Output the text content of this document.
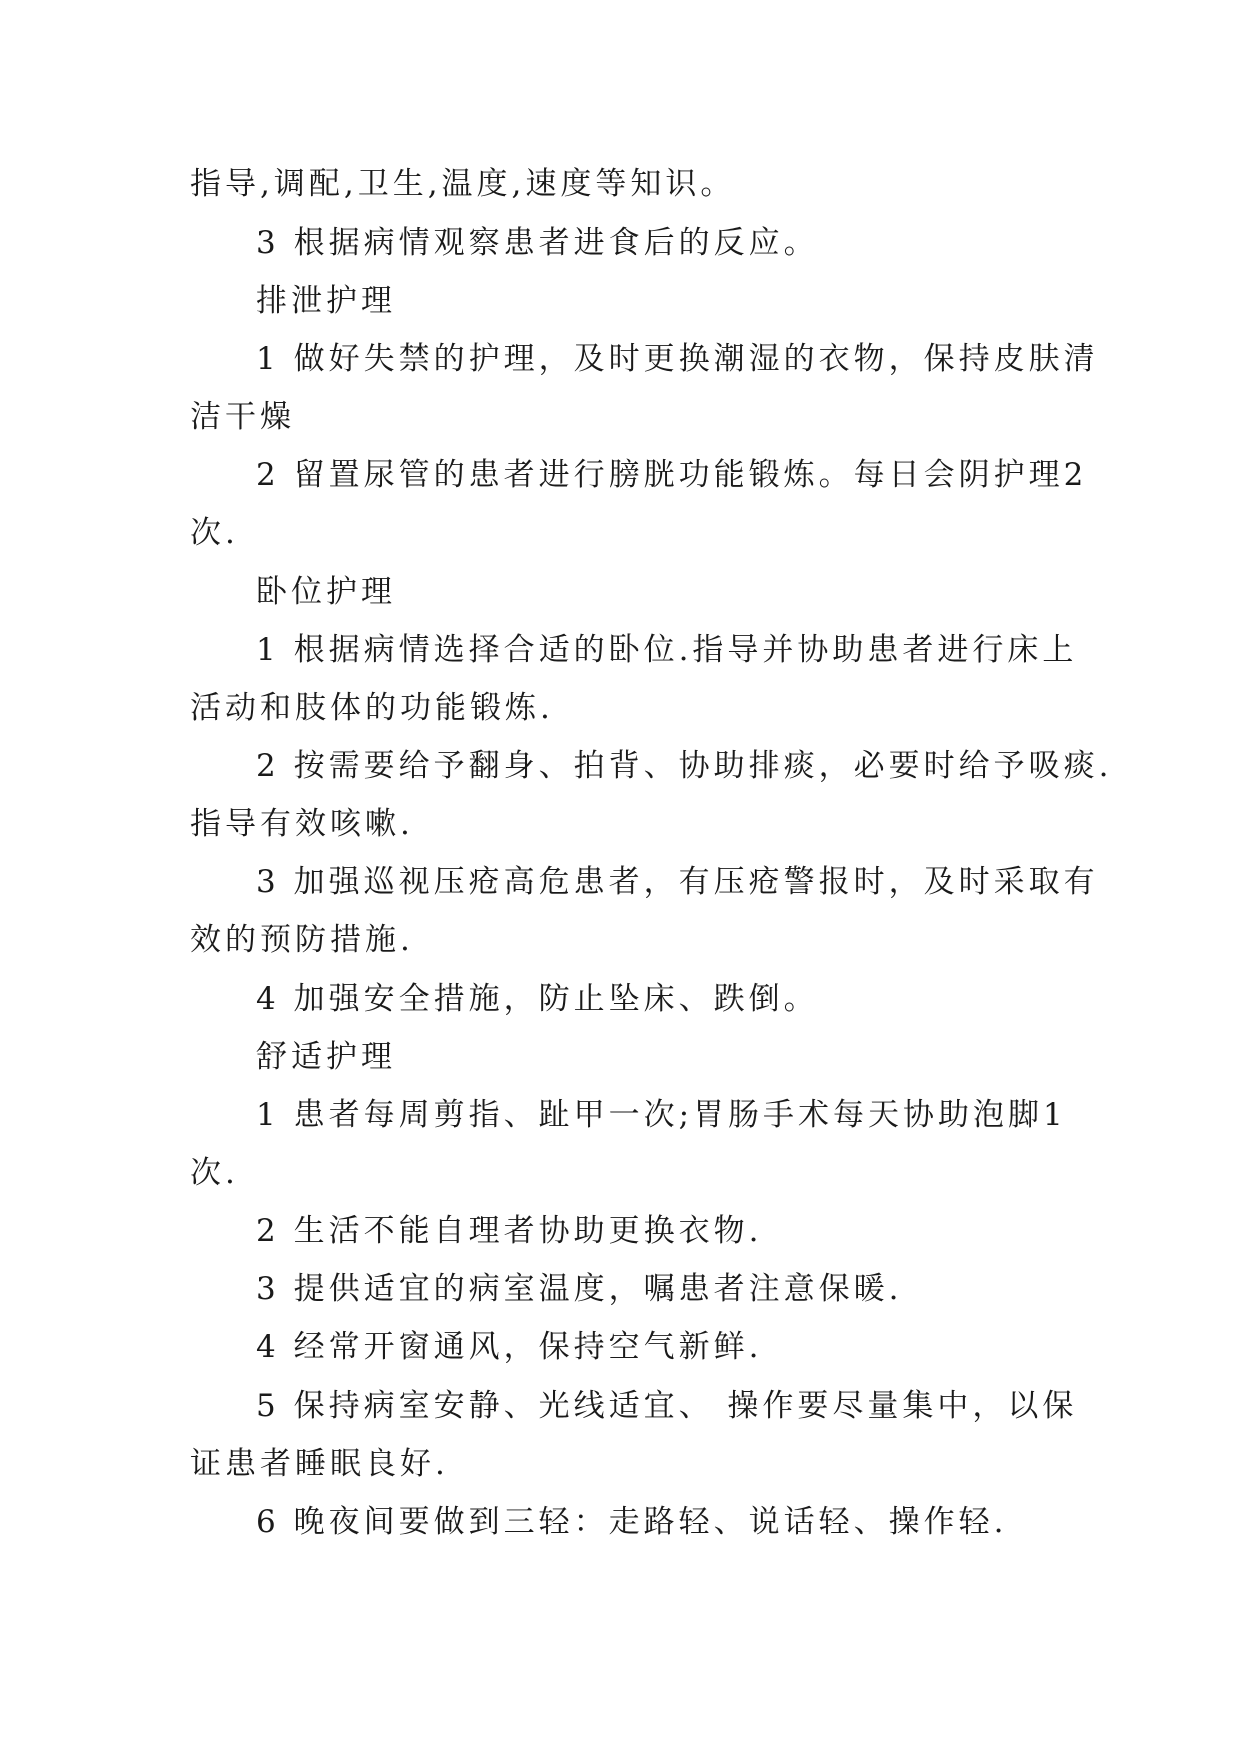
指导,调配,卫生,温度,速度等知识。
3 根据病情观察患者进食后的反应。
排泄护理
1 做好失禁的护理，及时更换潮湿的衣物，保持皮肤清
洁干燥
2 留置尿管的患者进行膀胱功能锻炼。每日会阴护理2
次.
卧位护理
1 根据病情选择合适的卧位.指导并协助患者进行床上
活动和肢体的功能锻炼.
2 按需要给予翻身、拍背、协助排痰，必要时给予吸痰.
指导有效咳嗽.
3 加强巡视压疮高危患者，有压疮警报时，及时采取有
效的预防措施.
4 加强安全措施，防止坠床、跌倒。
舒适护理
1 患者每周剪指、趾甲一次;胃肠手术每天协助泡脚1
次.
2 生活不能自理者协助更换衣物.
3 提供适宜的病室温度，嘱患者注意保暖.
4 经常开窗通风，保持空气新鲜.
5 保持病室安静、光线适宜、 操作要尽量集中，以保
证患者睡眠良好.
6 晚夜间要做到三轻：走路轻、说话轻、操作轻.
